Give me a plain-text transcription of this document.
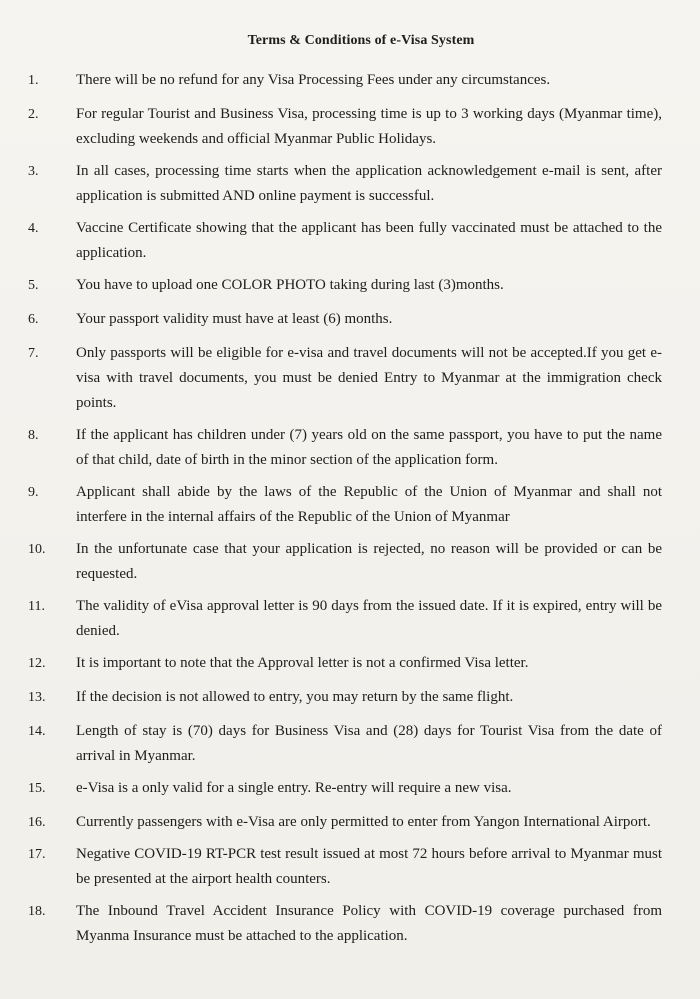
Terms & Conditions of e-Visa System
1.	There will be no refund for any Visa Processing Fees under any circumstances.
2.	For regular Tourist and Business Visa, processing time is up to 3 working days (Myanmar time), excluding weekends and official Myanmar Public Holidays.
3.	In all cases, processing time starts when the application acknowledgement e-mail is sent, after application is submitted AND online payment is successful.
4.	Vaccine Certificate showing that the applicant has been fully vaccinated must be attached to the application.
5.	You have to upload one COLOR PHOTO taking during last (3)months.
6.	Your passport validity must have at least (6) months.
7.	Only passports will be eligible for e-visa and travel documents will not be accepted.If you get e-visa with travel documents, you must be denied Entry to Myanmar at the immigration check points.
8.	If the applicant has children under (7) years old on the same passport, you have to put the name of that child, date of birth in the minor section of the application form.
9.	Applicant shall abide by the laws of the Republic of the Union of Myanmar and shall not interfere in the internal affairs of the Republic of the Union of Myanmar
10.	In the unfortunate case that your application is rejected, no reason will be provided or can be requested.
11.	The validity of eVisa approval letter is 90 days from the issued date. If it is expired, entry will be denied.
12.	It is important to note that the Approval letter is not a confirmed Visa letter.
13.	If the decision is not allowed to entry, you may return by the same flight.
14.	Length of stay is (70) days for Business Visa and (28) days for Tourist Visa from the date of arrival in Myanmar.
15.	e-Visa is a only valid for a single entry. Re-entry will require a new visa.
16.	Currently passengers with e-Visa are only permitted to enter from Yangon International Airport.
17.	Negative COVID-19 RT-PCR test result issued at most 72 hours before arrival to Myanmar must be presented at the airport health counters.
18.	The Inbound Travel Accident Insurance Policy with COVID-19 coverage purchased from Myanma Insurance must be attached to the application.
